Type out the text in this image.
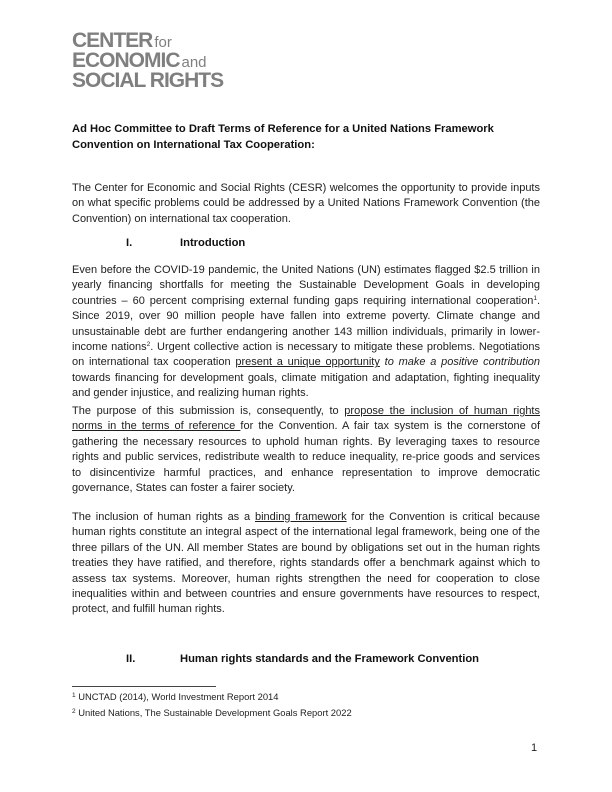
CENTER for
ECONOMIC and
SOCIAL RIGHTS
Ad Hoc Committee to Draft Terms of Reference for a United Nations Framework Convention on International Tax Cooperation:
The Center for Economic and Social Rights (CESR) welcomes the opportunity to provide inputs on what specific problems could be addressed by a United Nations Framework Convention (the Convention) on international tax cooperation.
I.	Introduction
Even before the COVID-19 pandemic, the United Nations (UN) estimates flagged $2.5 trillion in yearly financing shortfalls for meeting the Sustainable Development Goals in developing countries – 60 percent comprising external funding gaps requiring international cooperation$^1$. Since 2019, over 90 million people have fallen into extreme poverty. Climate change and unsustainable debt are further endangering another 143 million individuals, primarily in lower-income nations$^2$. Urgent collective action is necessary to mitigate these problems. Negotiations on international tax cooperation present a unique opportunity to make a positive contribution towards financing for development goals, climate mitigation and adaptation, fighting inequality and gender injustice, and realizing human rights.
The purpose of this submission is, consequently, to propose the inclusion of human rights norms in the terms of reference for the Convention. A fair tax system is the cornerstone of gathering the necessary resources to uphold human rights. By leveraging taxes to resource rights and public services, redistribute wealth to reduce inequality, re-price goods and services to disincentivize harmful practices, and enhance representation to improve democratic governance, States can foster a fairer society.
The inclusion of human rights as a binding framework for the Convention is critical because human rights constitute an integral aspect of the international legal framework, being one of the three pillars of the UN. All member States are bound by obligations set out in the human rights treaties they have ratified, and therefore, rights standards offer a benchmark against which to assess tax systems. Moreover, human rights strengthen the need for cooperation to close inequalities within and between countries and ensure governments have resources to respect, protect, and fulfill human rights.
II.	Human rights standards and the Framework Convention
$^1$ UNCTAD (2014), World Investment Report 2014
$^2$ United Nations, The Sustainable Development Goals Report 2022
1
